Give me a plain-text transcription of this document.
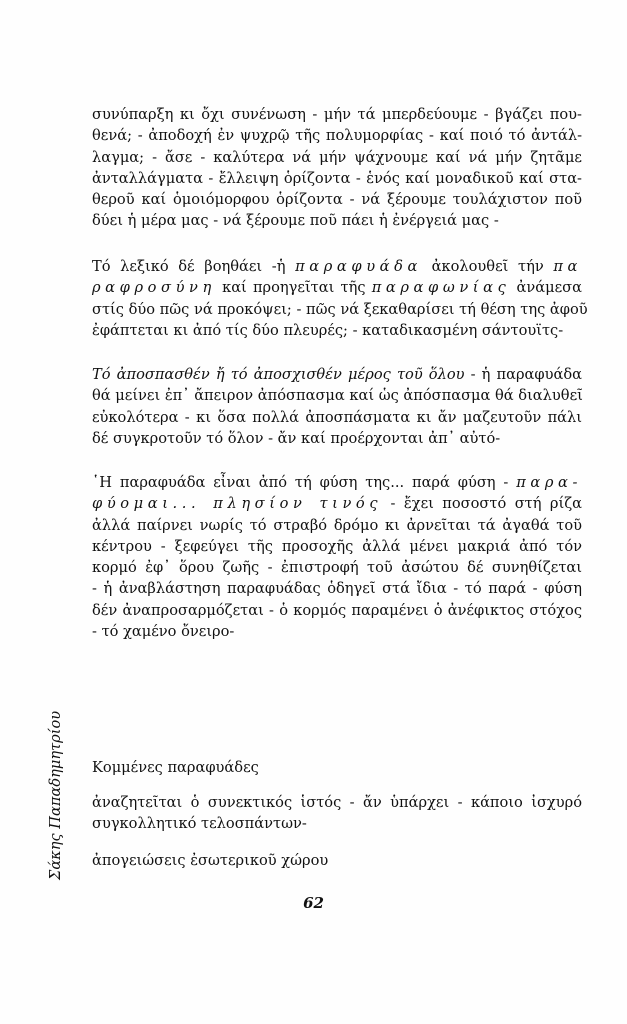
συνύπαρξη κι ὄχι συνένωση - μήν τά μπερδεύουμε - βγάζει που-
θενά; - ἀποδοχή ἐν ψυχρῷ τῆς πολυμορφίας - καί ποιό τό ἀντάλ-
λαγμα; - ἄσε - καλύτερα νά μήν ψάχνουμε καί νά μήν ζητᾶμε
ἀνταλλάγματα - ἔλλειψη ὁρίζοντα - ἑνός καί μοναδικοῦ καί στα-
θεροῦ καί ὁμοιόμορφου ὁρίζοντα - νά ξέρουμε τουλάχιστον ποῦ
δύει ἡ μέρα μας - νά ξέρουμε ποῦ πάει ἡ ἐνέργειά μας -
Τό λεξικό δέ βοηθάει -ἡ παραφυάδα ἀκολουθεῖ τήν πα
ραφροσύνη καί προηγεῖται τῆς παραφωνίας ἀνάμεσα
στίς δύο πῶς νά προκόψει; - πῶς νά ξεκαθαρίσει τή θέση της ἀφοῦ
ἐφάπτεται κι ἀπό τίς δύο πλευρές; - καταδικασμένη σάντουϊτς-
Τό ἀποσπασθέν ἤ τό ἀποσχισθέν μέρος τοῦ ὅλου - ἡ παραφυάδα
θά μείνει ἐπ᾽ ἄπειρον ἀπόσπασμα καί ὡς ἀπόσπασμα θά διαλυθεῖ
εὐκολότερα - κι ὅσα πολλά ἀποσπάσματα κι ἄν μαζευτοῦν πάλι
δέ συγκροτοῦν τό ὅλον - ἄν καί προέρχονται ἀπ᾽ αὐτό-
῾Η παραφυάδα εἶναι ἀπό τή φύση της... παρά φύση - παρα-
φύομαι... πλησίον τινός - ἔχει ποσοστό στή ρίζα
ἀλλά παίρνει νωρίς τό στραβό δρόμο κι ἀρνεῖται τά ἀγαθά τοῦ
κέντρου - ξεφεύγει τῆς προσοχῆς ἀλλά μένει μακριά ἀπό τόν
κορμό ἐφ᾽ ὅρου ζωῆς - ἐπιστροφή τοῦ ἀσώτου δέ συνηθίζεται
- ἡ ἀναβλάστηση παραφυάδας ὁδηγεῖ στά ἴδια - τό παρά - φύση
δέν ἀναπροσαρμόζεται - ὁ κορμός παραμένει ὁ ἀνέφικτος στόχος
- τό χαμένο ὄνειρο-
Κομμένες παραφυάδες
ἀναζητεῖται ὁ συνεκτικός ἱστός - ἄν ὑπάρχει - κάποιο ἰσχυρό
συγκολλητικό τελοσπάντων-
ἀπογειώσεις ἐσωτερικοῦ χώρου
Σάκης Παπαδημητρίου
62
